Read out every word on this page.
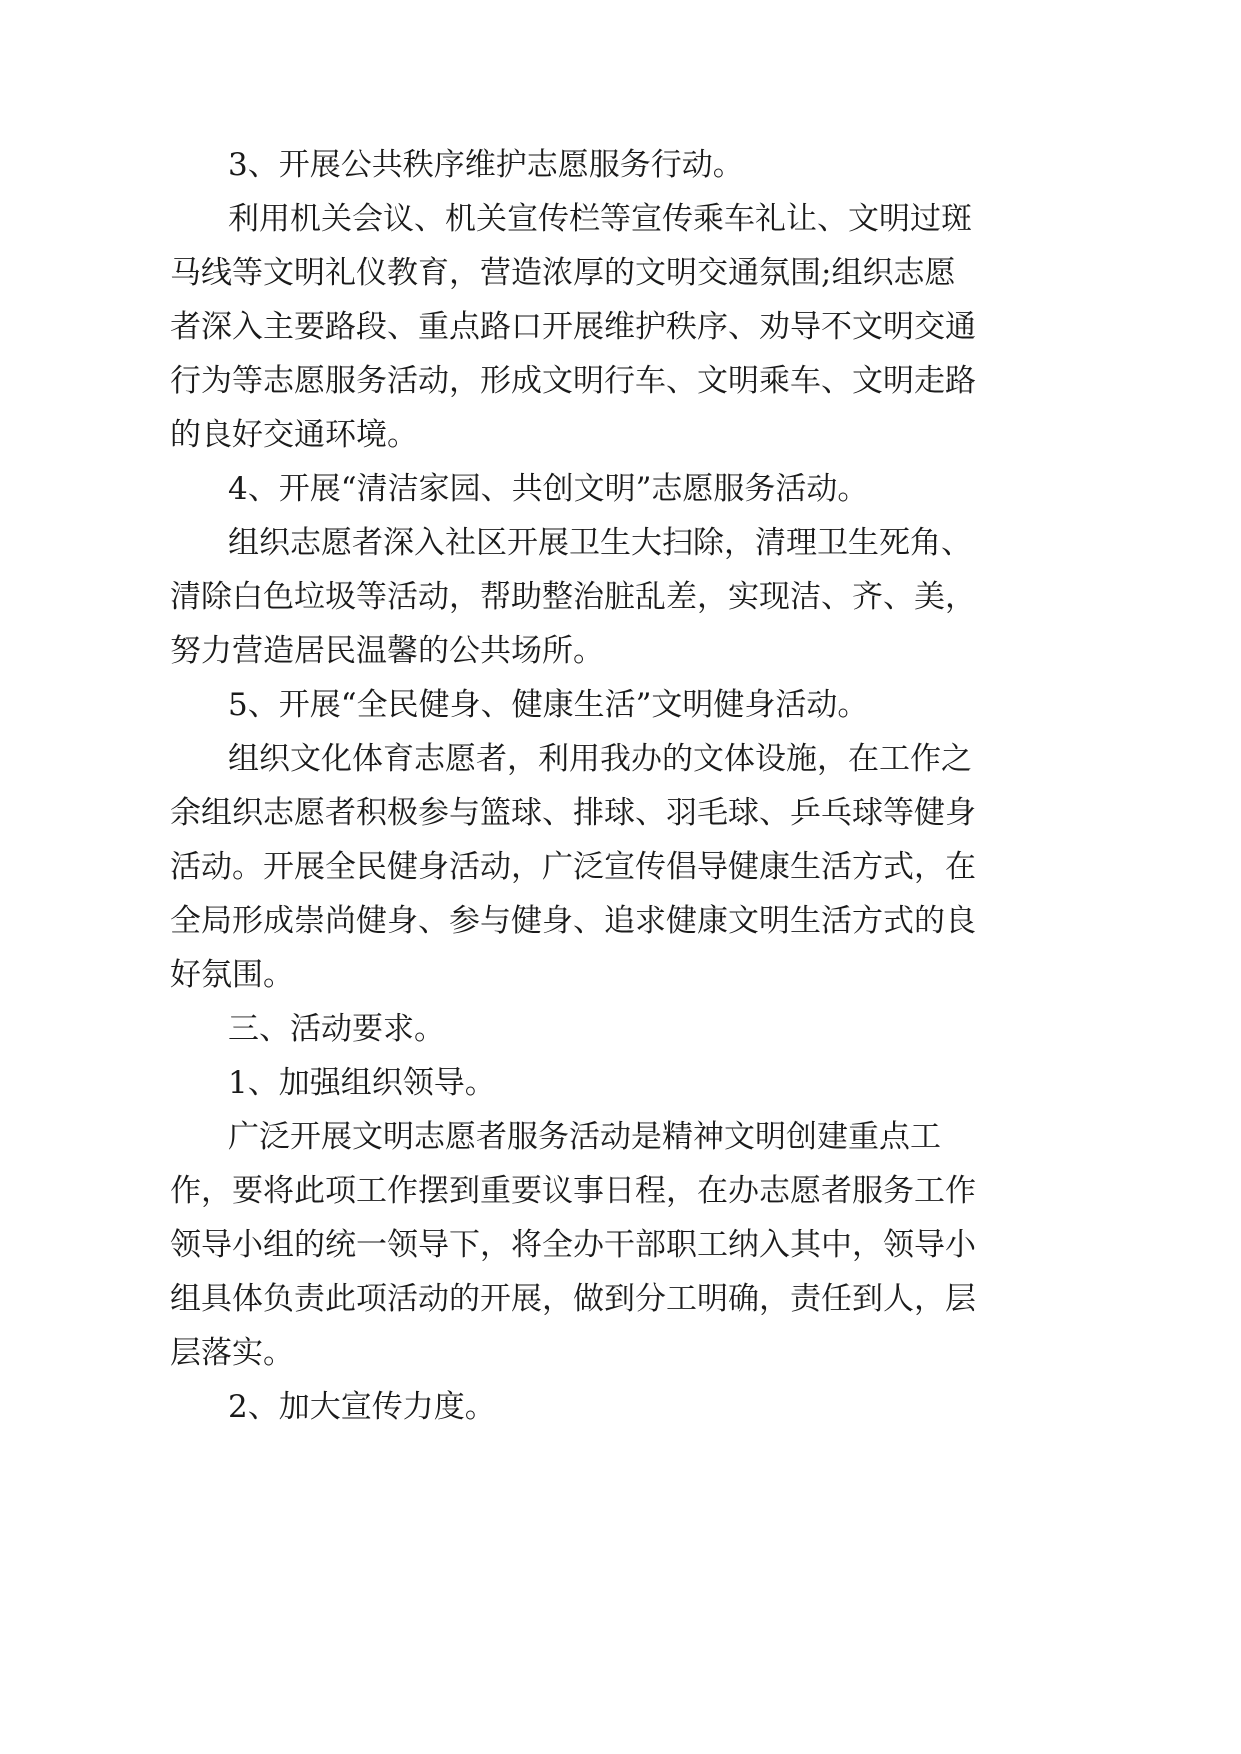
3、开展公共秩序维护志愿服务行动。
利用机关会议、机关宣传栏等宣传乘车礼让、文明过斑
马线等文明礼仪教育，营造浓厚的文明交通氛围;组织志愿
者深入主要路段、重点路口开展维护秩序、劝导不文明交通
行为等志愿服务活动，形成文明行车、文明乘车、文明走路
的良好交通环境。
4、开展“清洁家园、共创文明”志愿服务活动。
组织志愿者深入社区开展卫生大扫除，清理卫生死角、
清除白色垃圾等活动，帮助整治脏乱差，实现洁、齐、美，
努力营造居民温馨的公共场所。
5、开展“全民健身、健康生活”文明健身活动。
组织文化体育志愿者，利用我办的文体设施，在工作之
余组织志愿者积极参与篮球、排球、羽毛球、乒乓球等健身
活动。开展全民健身活动，广泛宣传倡导健康生活方式，在
全局形成崇尚健身、参与健身、追求健康文明生活方式的良
好氛围。
三、活动要求。
1、加强组织领导。
广泛开展文明志愿者服务活动是精神文明创建重点工
作，要将此项工作摆到重要议事日程，在办志愿者服务工作
领导小组的统一领导下，将全办干部职工纳入其中，领导小
组具体负责此项活动的开展，做到分工明确，责任到人，层
层落实。
2、加大宣传力度。
